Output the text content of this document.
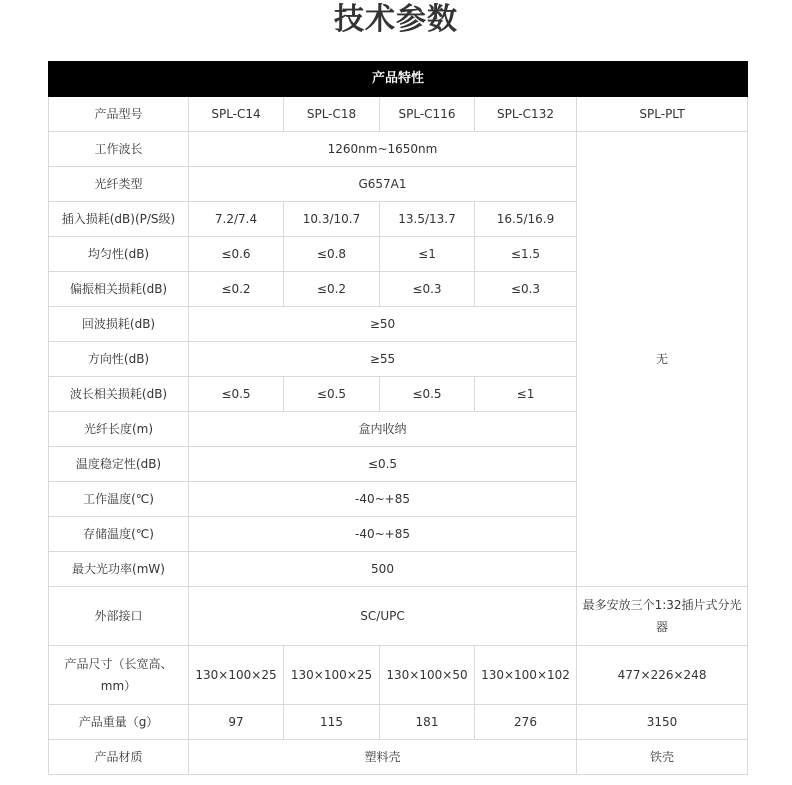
技术参数
产品特性					
产品型号	SPL-C14	SPL-C18	SPL-C116	SPL-C132	SPL-PLT
工作波长	1260nm~1650nm				无
光纤类型	G657A1				
插入损耗(dB)(P/S级)	7.2/7.4	10.3/10.7	13.5/13.7	16.5/16.9	
均匀性(dB)	≤0.6	≤0.8	≤1	≤1.5	
偏振相关损耗(dB)	≤0.2	≤0.2	≤0.3	≤0.3	
回波损耗(dB)	≥50				
方向性(dB)	≥55				
波长相关损耗(dB)	≤0.5	≤0.5	≤0.5	≤1	
光纤长度(m)	盒内收纳				
温度稳定性(dB)	≤0.5				
工作温度(℃)	-40~+85				
存储温度(℃)	-40~+85				
最大光功率(mW)	500				
外部接口	SC/UPC				最多安放三个1:32插片式分光器
产品尺寸（长宽高、mm）	130×100×25	130×100×25	130×100×50	130×100×102	477×226×248
产品重量（g）	97	115	181	276	3150
产品材质	塑料壳				铁壳
